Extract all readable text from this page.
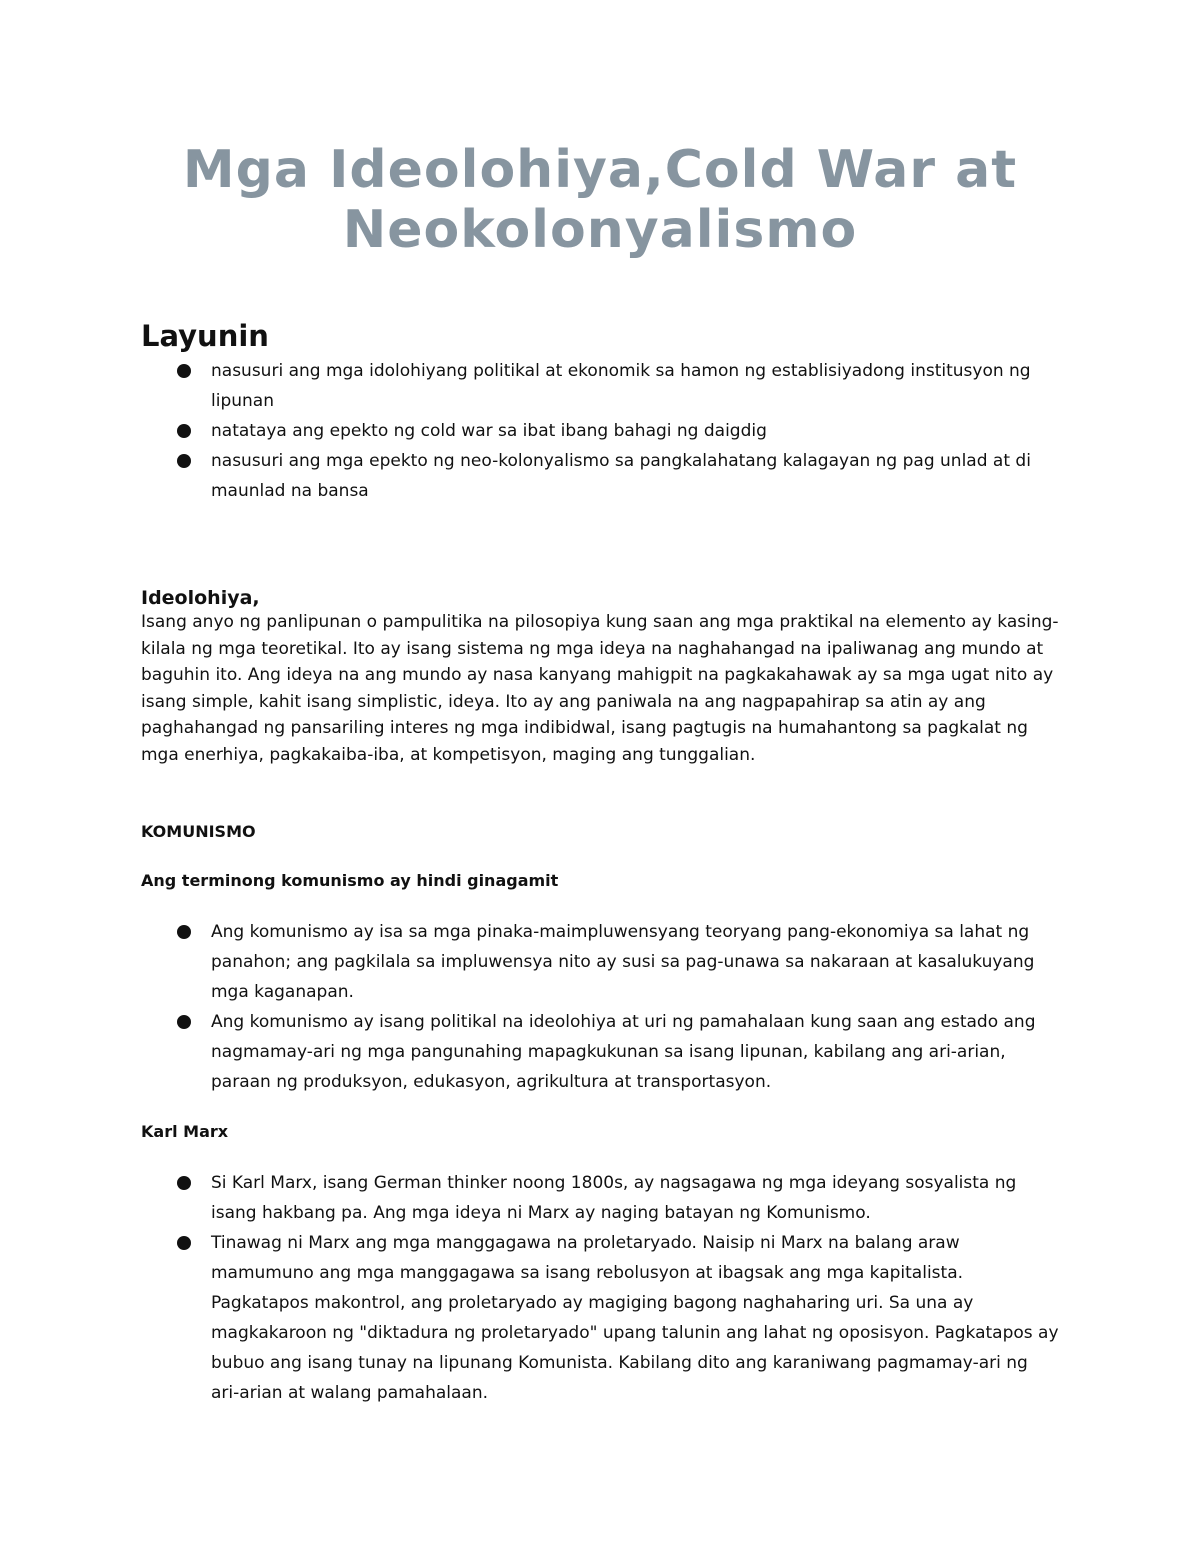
Mga Ideolohiya,Cold War at Neokolonyalismo
Layunin
nasusuri ang mga idolohiyang politikal at ekonomik sa hamon ng establisiyadong institusyon ng lipunan
natataya ang epekto ng cold war sa ibat ibang bahagi ng daigdig
nasusuri ang mga epekto ng neo-kolonyalismo sa pangkalahatang kalagayan ng pag unlad at di maunlad na bansa
Ideolohiya,

Isang anyo ng panlipunan o pampulitika na pilosopiya kung saan ang mga praktikal na elemento ay kasing-kilala ng mga teoretikal. Ito ay isang sistema ng mga ideya na naghahangad na ipaliwanag ang mundo at baguhin ito. Ang ideya na ang mundo ay nasa kanyang mahigpit na pagkakahawak ay sa mga ugat nito ay isang simple, kahit isang simplistic, ideya. Ito ay ang paniwala na ang nagpapahirap sa atin ay ang paghahangad ng pansariling interes ng mga indibidwal, isang pagtugis na humahantong sa pagkalat ng mga enerhiya, pagkakaiba-iba, at kompetisyon, maging ang tunggalian.

KOMUNISMO
Ang terminong komunismo ay hindi ginagamit
Ang komunismo ay isa sa mga pinaka-maimpluwensyang teoryang pang-ekonomiya sa lahat ng panahon; ang pagkilala sa impluwensya nito ay susi sa pag-unawa sa nakaraan at kasalukuyang mga kaganapan.
Ang komunismo ay isang politikal na ideolohiya at uri ng pamahalaan kung saan ang estado ang nagmamay-ari ng mga pangunahing mapagkukunan sa isang lipunan, kabilang ang ari-arian, paraan ng produksyon, edukasyon, agrikultura at transportasyon.
Karl Marx
Si Karl Marx, isang German thinker noong 1800s, ay nagsagawa ng mga ideyang sosyalista ng isang hakbang pa. Ang mga ideya ni Marx ay naging batayan ng Komunismo.
Tinawag ni Marx ang mga manggagawa na proletaryado. Naisip ni Marx na balang araw mamumuno ang mga manggagawa sa isang rebolusyon at ibagsak ang mga kapitalista. Pagkatapos makontrol, ang proletaryado ay magiging bagong naghaharing uri. Sa una ay magkakaroon ng "diktadura ng proletaryado" upang talunin ang lahat ng oposisyon. Pagkatapos ay bubuo ang isang tunay na lipunang Komunista. Kabilang dito ang karaniwang pagmamay-ari ng ari-arian at walang pamahalaan.
